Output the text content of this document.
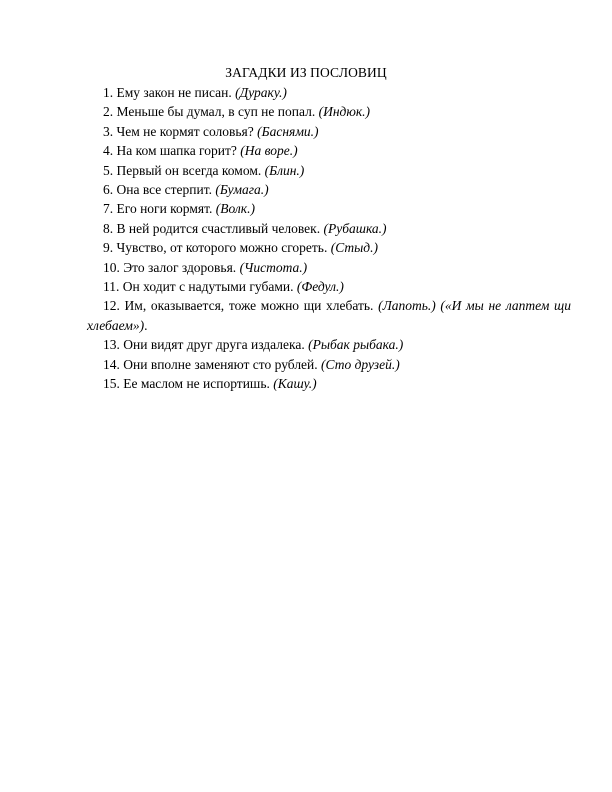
ЗАГАДКИ ИЗ ПОСЛОВИЦ

1. Ему закон не писан. (Дураку.)

2. Меньше бы думал, в суп не попал. (Индюк.)

3. Чем не кормят соловья? (Баснями.)

4. На ком шапка горит? (На воре.)

5. Первый он всегда комом. (Блин.)

6. Она все стерпит. (Бумага.)

7. Его ноги кормят. (Волк.)

8. В ней родится счастливый человек. (Рубашка.)

9. Чувство, от которого можно сгореть. (Стыд.)

10. Это залог здоровья. (Чистота.)

11. Он ходит с надутыми губами. (Федул.)

12. Им, оказывается, тоже можно щи хлебать. (Лапоть.) («И мы не лаптем щи хлебаем»).

13. Они видят друг друга издалека. (Рыбак рыбака.)

14. Они вполне заменяют сто рублей. (Сто друзей.)

15. Ее маслом не испортишь. (Кашу.)
